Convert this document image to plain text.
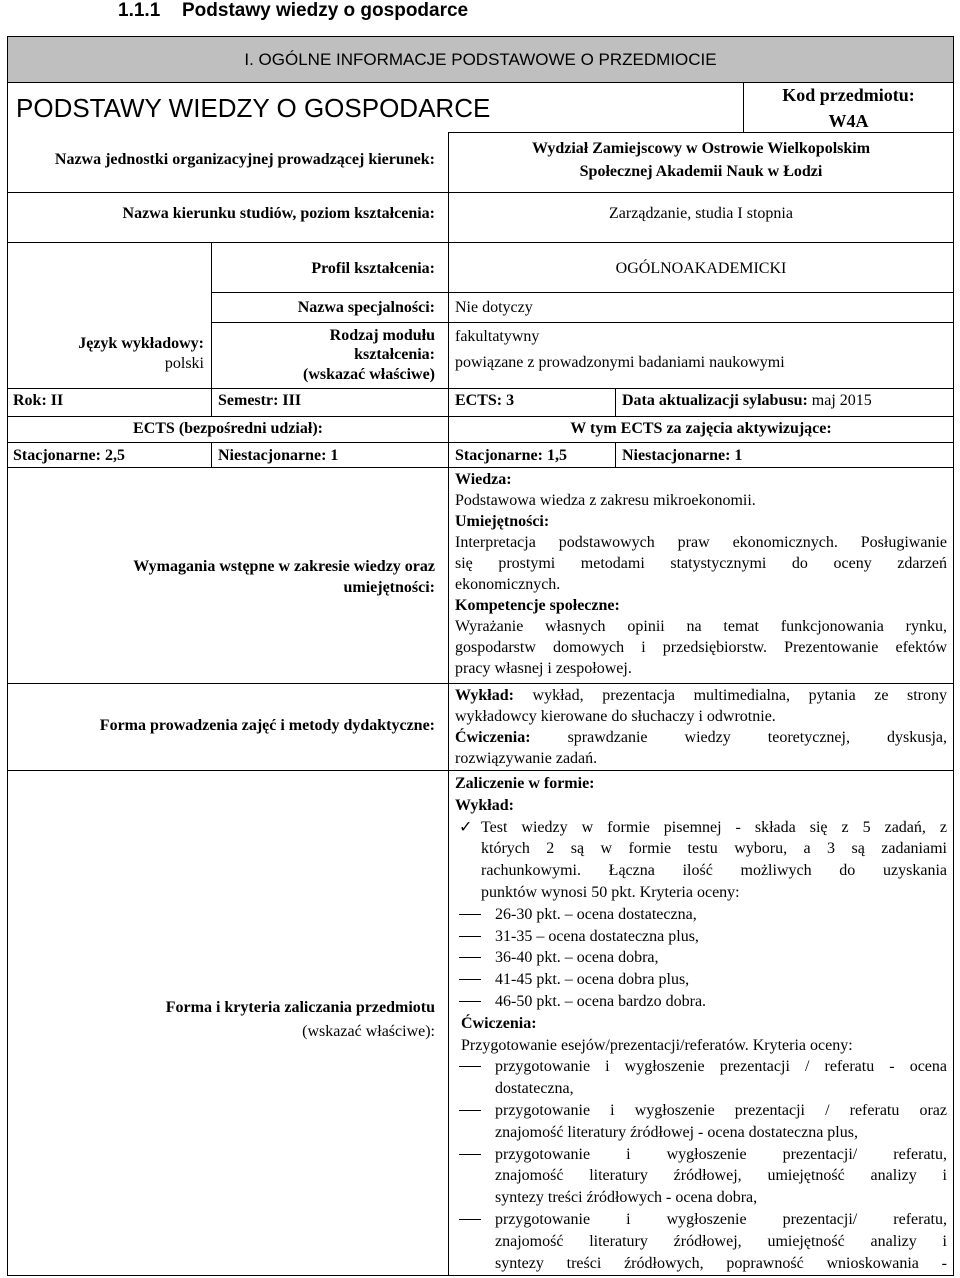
1.1.1 Podstawy wiedzy o gospodarce
I. OGÓLNE INFORMACJE PODSTAWOWE O PRZEDMIOCIE
PODSTAWY WIEDZY O GOSPODARCE	Kod przedmiotu:
W4A
Nazwa jednostki organizacyjnej prowadzącej kierunek:
Wydział Zamiejscowy w Ostrowie Wielkopolskim
Społecznej Akademii Nauk w Łodzi
Nazwa kierunku studiów, poziom kształcenia:	Zarządzanie, studia I stopnia
Profil kształcenia:	OGÓLNOAKADEMICKI
Język wykładowy:
polski
Nazwa specjalności: Nie dotyczy
Rodzaj modułu
kształcenia:
(wskazać właściwe)
fakultatywny
powiązane z prowadzonymi badaniami naukowymi
Rok: II	Semestr: III	ECTS: 3	Data aktualizacji sylabusu: maj 2015
ECTS (bezpośredni udział):	W tym ECTS za zajęcia aktywizujące:
Stacjonarne: 2,5	Niestacjonarne: 1	Stacjonarne: 1,5	Niestacjonarne: 1
Wymagania wstępne w zakresie wiedzy oraz
umiejętności:
Wiedza:
Podstawowa wiedza z zakresu mikroekonomii.
Umiejętności:
Interpretacja podstawowych praw ekonomicznych. Posługiwanie
się prostymi metodami statystycznymi do oceny zdarzeń
ekonomicznych.
Kompetencje społeczne:
Wyrażanie własnych opinii na temat funkcjonowania rynku,
gospodarstw domowych i przedsiębiorstw. Prezentowanie efektów
pracy własnej i zespołowej.
Forma prowadzenia zajęć i metody dydaktyczne:
Wykład: wykład, prezentacja multimedialna, pytania ze strony
wykładowcy kierowane do słuchaczy i odwrotnie.
Ćwiczenia: sprawdzanie wiedzy teoretycznej, dyskusja,
rozwiązywanie zadań.
Forma i kryteria zaliczania przedmiotu
(wskazać właściwe):
Zaliczenie w formie:
Wykład:
✓ Test wiedzy w formie pisemnej - składa się z 5 zadań, z
których 2 są w formie testu wyboru, a 3 są zadaniami
rachunkowymi. Łączna ilość możliwych do uzyskania
punktów wynosi 50 pkt. Kryteria oceny:
26-30 pkt. – ocena dostateczna,
31-35 – ocena dostateczna plus,
36-40 pkt. – ocena dobra,
41-45 pkt. – ocena dobra plus,
46-50 pkt. – ocena bardzo dobra.
Ćwiczenia:
Przygotowanie esejów/prezentacji/referatów. Kryteria oceny:
przygotowanie i wygłoszenie prezentacji / referatu - ocena
dostateczna,
przygotowanie i wygłoszenie prezentacji / referatu oraz
znajomość literatury źródłowej - ocena dostateczna plus,
przygotowanie i wygłoszenie prezentacji/ referatu,
znajomość literatury źródłowej, umiejętność analizy i
syntezy treści źródłowych - ocena dobra,
przygotowanie i wygłoszenie prezentacji/ referatu,
znajomość literatury źródłowej, umiejętność analizy i
syntezy treści źródłowych, poprawność wnioskowania -
